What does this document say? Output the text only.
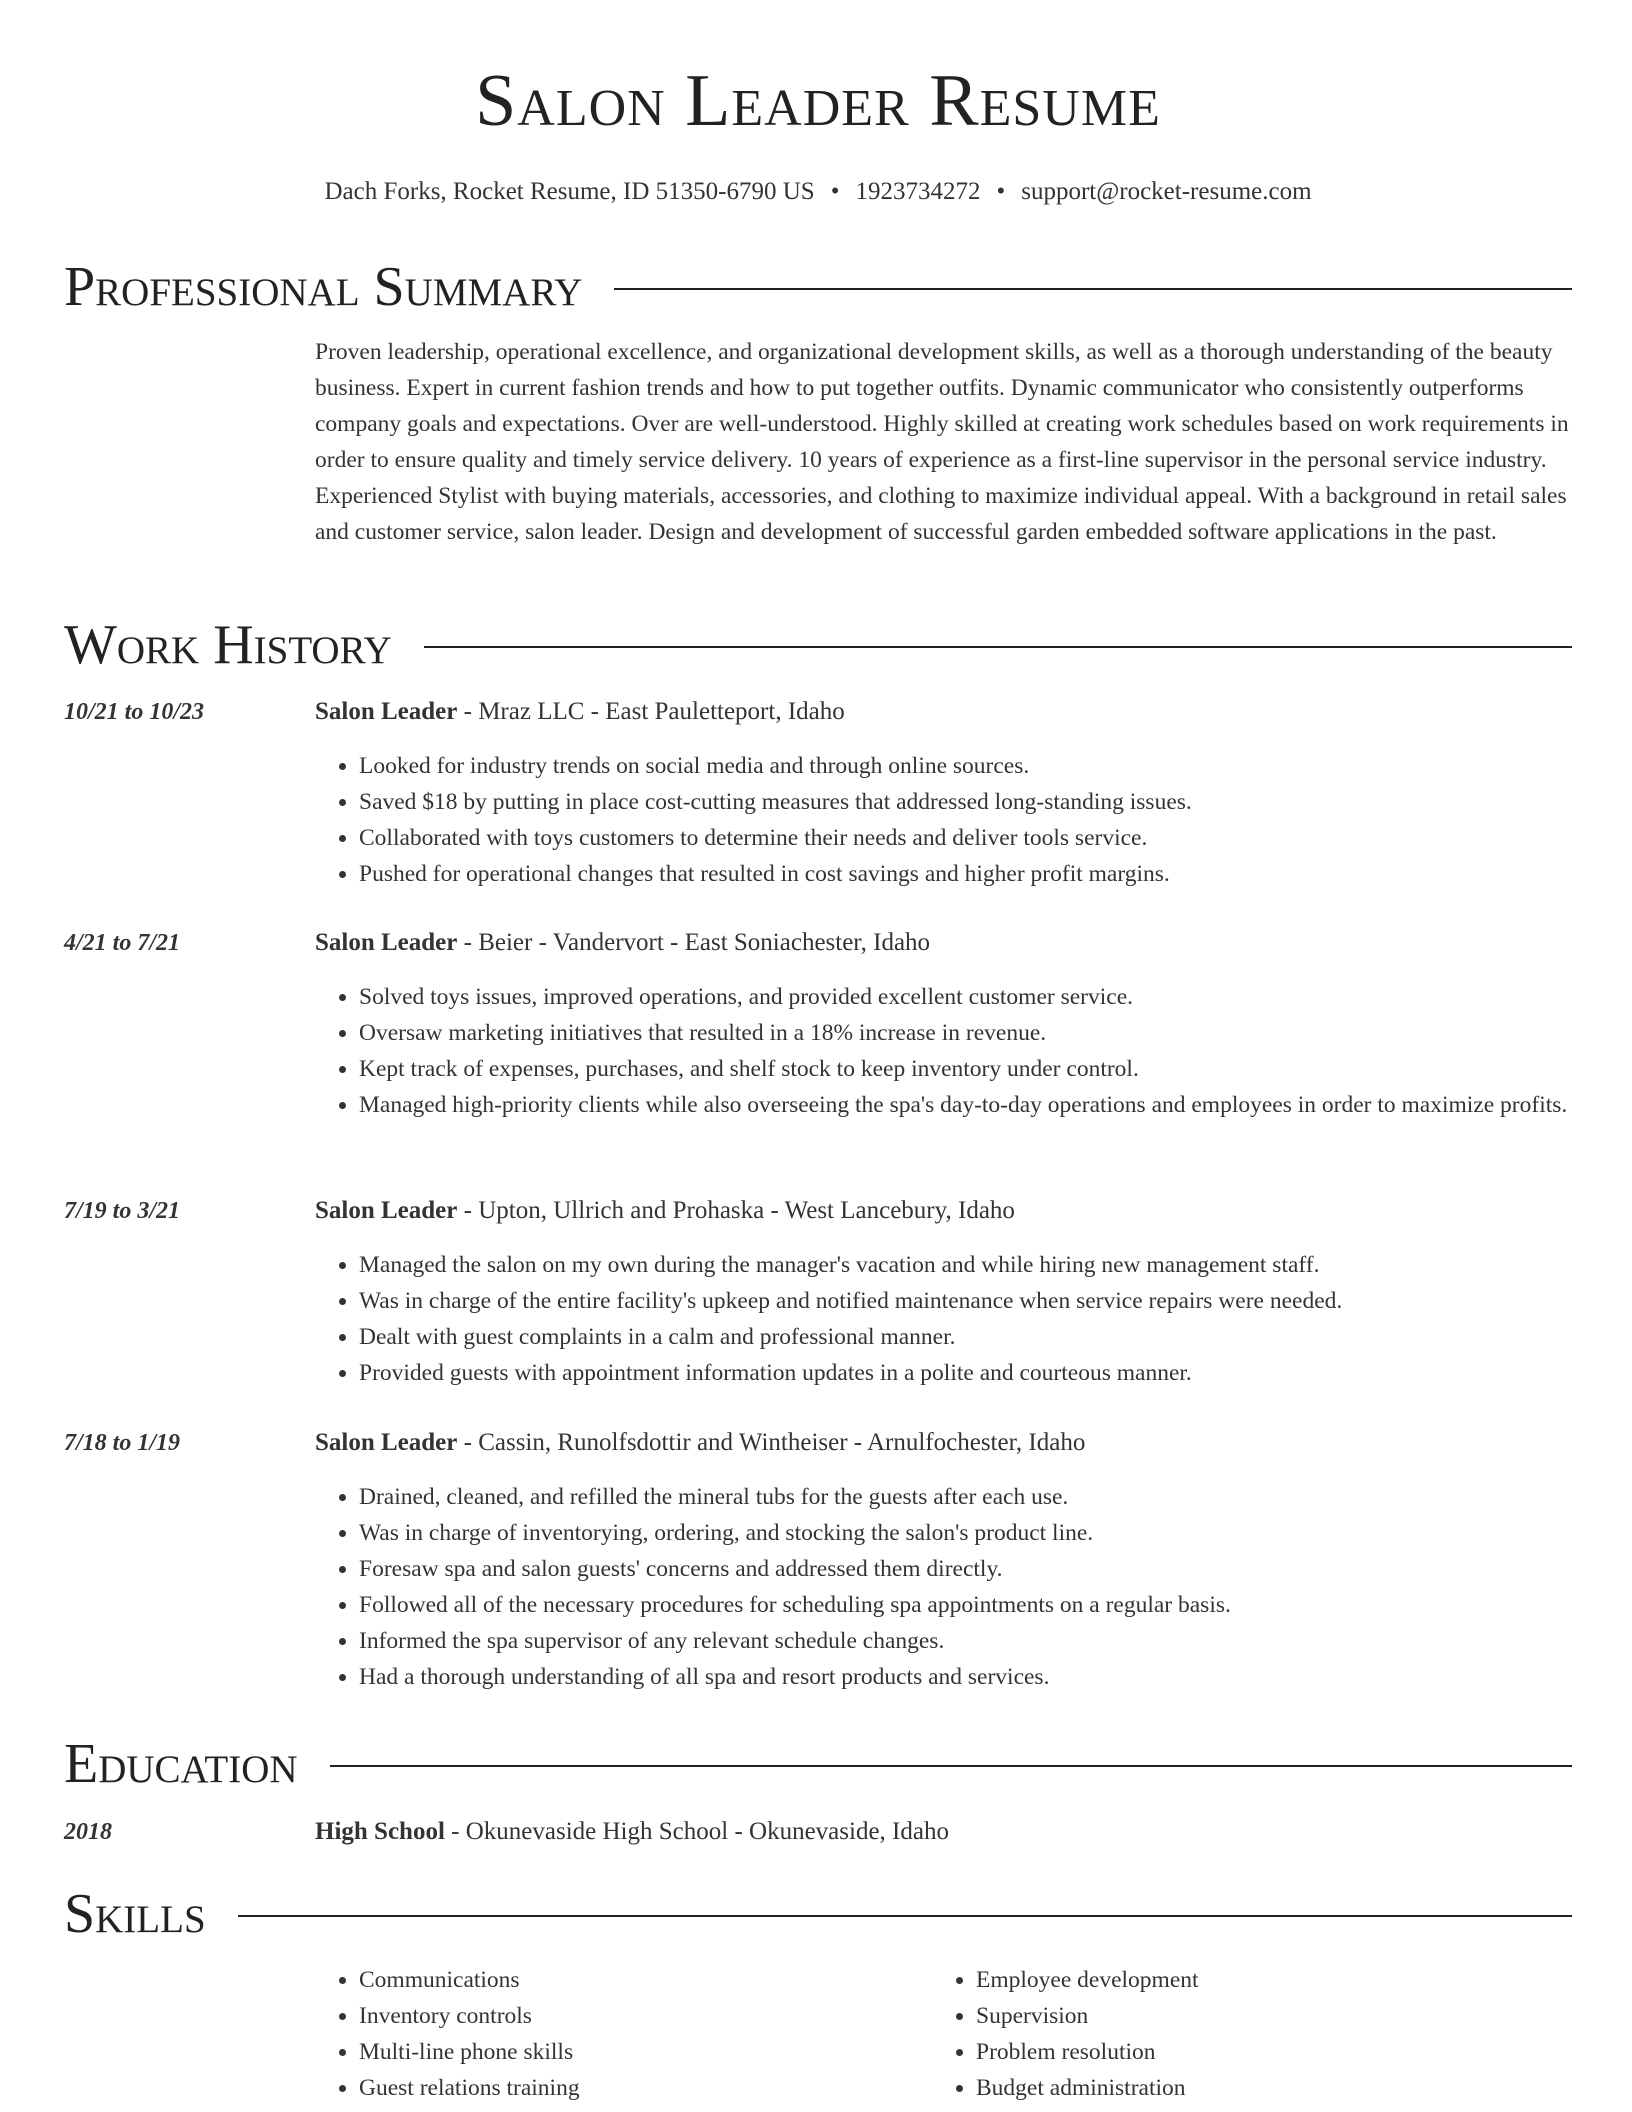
Salon Leader Resume
Dach Forks, Rocket Resume, ID 51350-6790 US • 1923734272 • support@rocket-resume.com
Professional Summary

Proven leadership, operational excellence, and organizational development skills, as well as a thorough understanding of the beauty business. Expert in current fashion trends and how to put together outfits. Dynamic communicator who consistently outperforms company goals and expectations. Over are well-understood. Highly skilled at creating work schedules based on work requirements in order to ensure quality and timely service delivery. 10 years of experience as a first-line supervisor in the personal service industry. Experienced Stylist with buying materials, accessories, and clothing to maximize individual appeal. With a background in retail sales and customer service, salon leader. Design and development of successful garden embedded software applications in the past.

Work History
10/21 to 10/23	Salon Leader - Mraz LLC - East Pauletteport, Idaho
• Looked for industry trends on social media and through online sources.
• Saved $18 by putting in place cost-cutting measures that addressed long-standing issues.
• Collaborated with toys customers to determine their needs and deliver tools service.
• Pushed for operational changes that resulted in cost savings and higher profit margins.
4/21 to 7/21	Salon Leader - Beier - Vandervort - East Soniachester, Idaho
• Solved toys issues, improved operations, and provided excellent customer service.
• Oversaw marketing initiatives that resulted in a 18% increase in revenue.
• Kept track of expenses, purchases, and shelf stock to keep inventory under control.
• Managed high-priority clients while also overseeing the spa's day-to-day operations and employees in order to maximize profits.
7/19 to 3/21	Salon Leader - Upton, Ullrich and Prohaska - West Lancebury, Idaho
• Managed the salon on my own during the manager's vacation and while hiring new management staff.
• Was in charge of the entire facility's upkeep and notified maintenance when service repairs were needed.
• Dealt with guest complaints in a calm and professional manner.
• Provided guests with appointment information updates in a polite and courteous manner.
7/18 to 1/19	Salon Leader - Cassin, Runolfsdottir and Wintheiser - Arnulfochester, Idaho
• Drained, cleaned, and refilled the mineral tubs for the guests after each use.
• Was in charge of inventorying, ordering, and stocking the salon's product line.
• Foresaw spa and salon guests' concerns and addressed them directly.
• Followed all of the necessary procedures for scheduling spa appointments on a regular basis.
• Informed the spa supervisor of any relevant schedule changes.
• Had a thorough understanding of all spa and resort products and services.
Education
2018	High School - Okunevaside High School - Okunevaside, Idaho
Skills
• Communications
• Inventory controls
• Multi-line phone skills
• Guest relations training
• Employee development
• Supervision
• Problem resolution
• Budget administration
